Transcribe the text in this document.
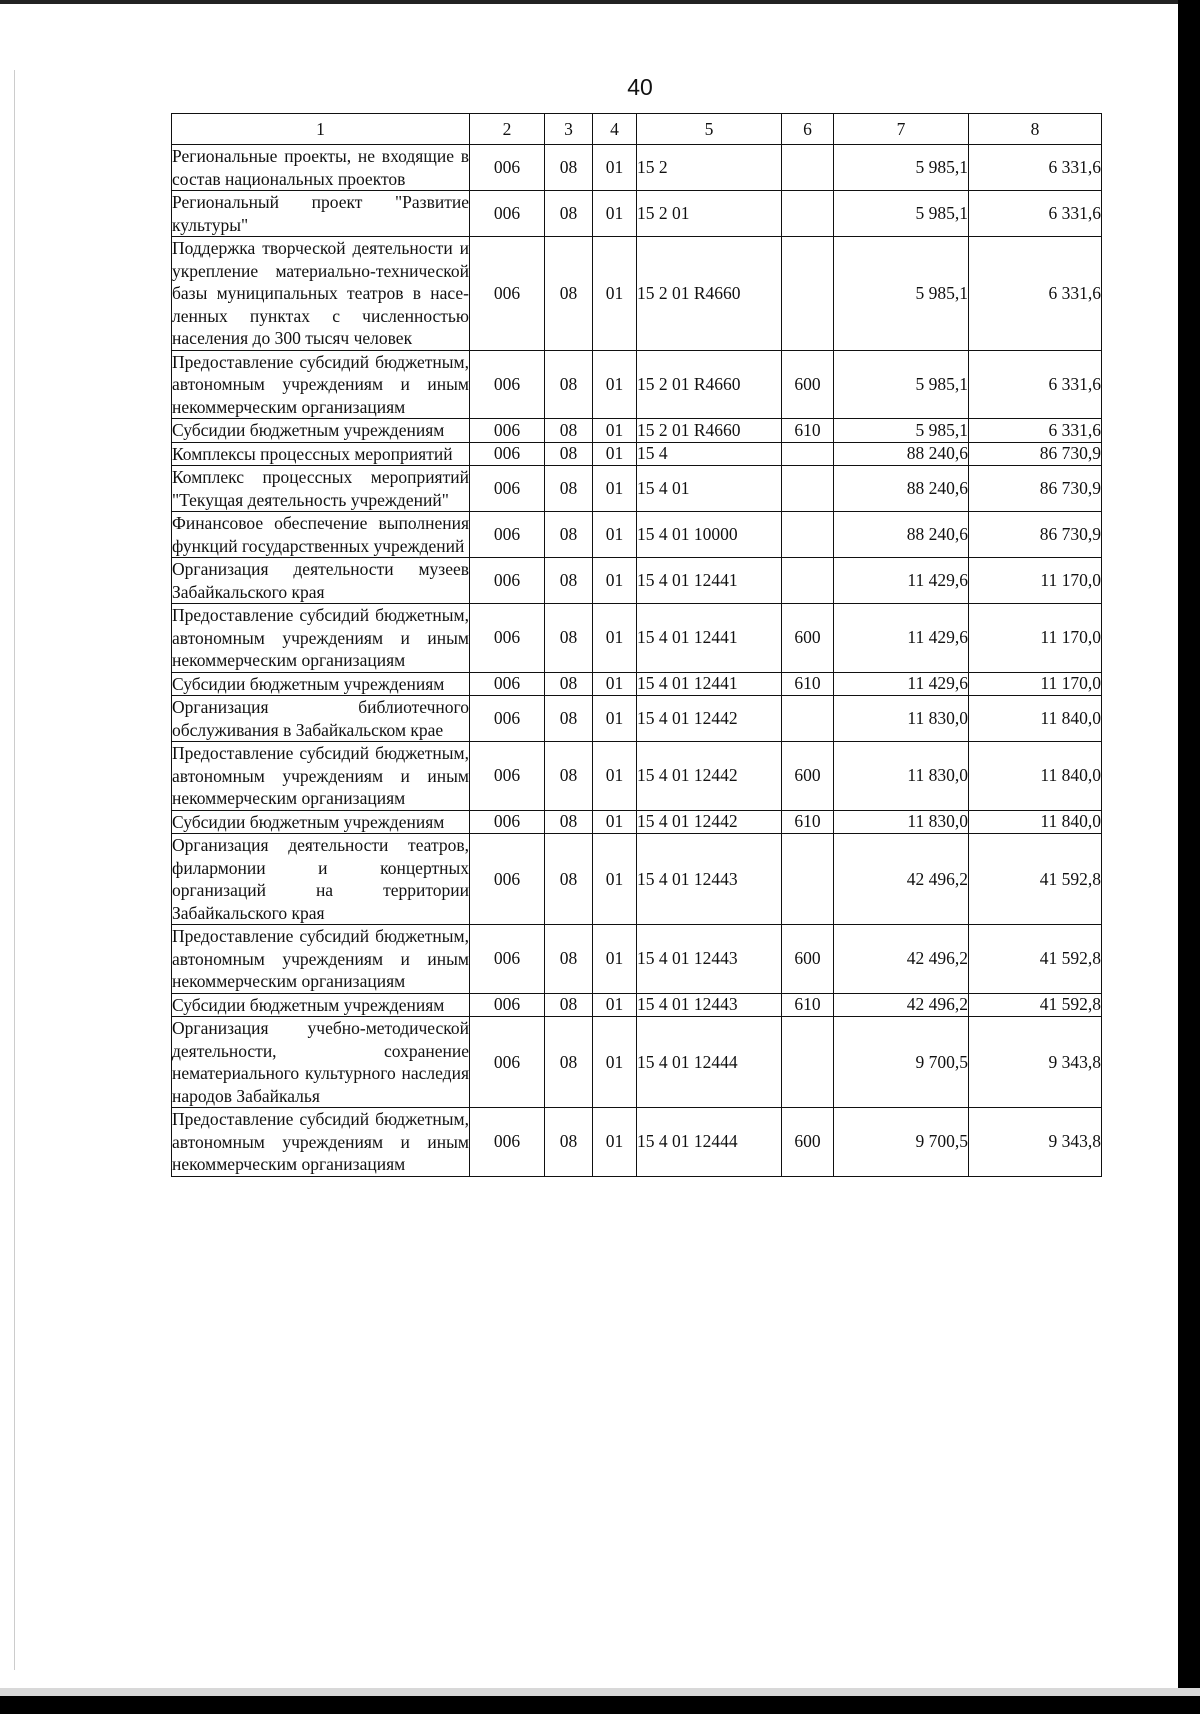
40
1	2	3	4	5	6	7	8
Региональные проекты, не входящие в состав национальных проектов	006	08	01	15 2		5 985,1	6 331,6
Региональный проект "Развитие культуры"	006	08	01	15 2 01		5 985,1	6 331,6
Поддержка творческой деятельности и укрепление материально-технической базы муниципальных театров в населенных пунктах с численностью населения до 300 тысяч человек	006	08	01	15 2 01 R4660		5 985,1	6 331,6
Предоставление субсидий бюджетным, автономным учреждениям и иным некоммерческим организациям	006	08	01	15 2 01 R4660	600	5 985,1	6 331,6
Субсидии бюджетным учреждениям	006	08	01	15 2 01 R4660	610	5 985,1	6 331,6
Комплексы процессных мероприятий	006	08	01	15 4		88 240,6	86 730,9
Комплекс процессных мероприятий "Текущая деятельность учреждений"	006	08	01	15 4 01		88 240,6	86 730,9
Финансовое обеспечение выполнения функций государственных учреждений	006	08	01	15 4 01 10000		88 240,6	86 730,9
Организация деятельности музеев Забайкальского края	006	08	01	15 4 01 12441		11 429,6	11 170,0
Предоставление субсидий бюджетным, автономным учреждениям и иным некоммерческим организациям	006	08	01	15 4 01 12441	600	11 429,6	11 170,0
Субсидии бюджетным учреждениям	006	08	01	15 4 01 12441	610	11 429,6	11 170,0
Организация библиотечного обслуживания в Забайкальском крае	006	08	01	15 4 01 12442		11 830,0	11 840,0
Предоставление субсидий бюджетным, автономным учреждениям и иным некоммерческим организациям	006	08	01	15 4 01 12442	600	11 830,0	11 840,0
Субсидии бюджетным учреждениям	006	08	01	15 4 01 12442	610	11 830,0	11 840,0
Организация деятельности театров, филармонии и концертных организаций на территории Забайкальского края	006	08	01	15 4 01 12443		42 496,2	41 592,8
Предоставление субсидий бюджетным, автономным учреждениям и иным некоммерческим организациям	006	08	01	15 4 01 12443	600	42 496,2	41 592,8
Субсидии бюджетным учреждениям	006	08	01	15 4 01 12443	610	42 496,2	41 592,8
Организация учебно-методической деятельности, сохранение нематериального культурного наследия народов Забайкалья	006	08	01	15 4 01 12444		9 700,5	9 343,8
Предоставление субсидий бюджетным, автономным учреждениям и иным некоммерческим организациям	006	08	01	15 4 01 12444	600	9 700,5	9 343,8
